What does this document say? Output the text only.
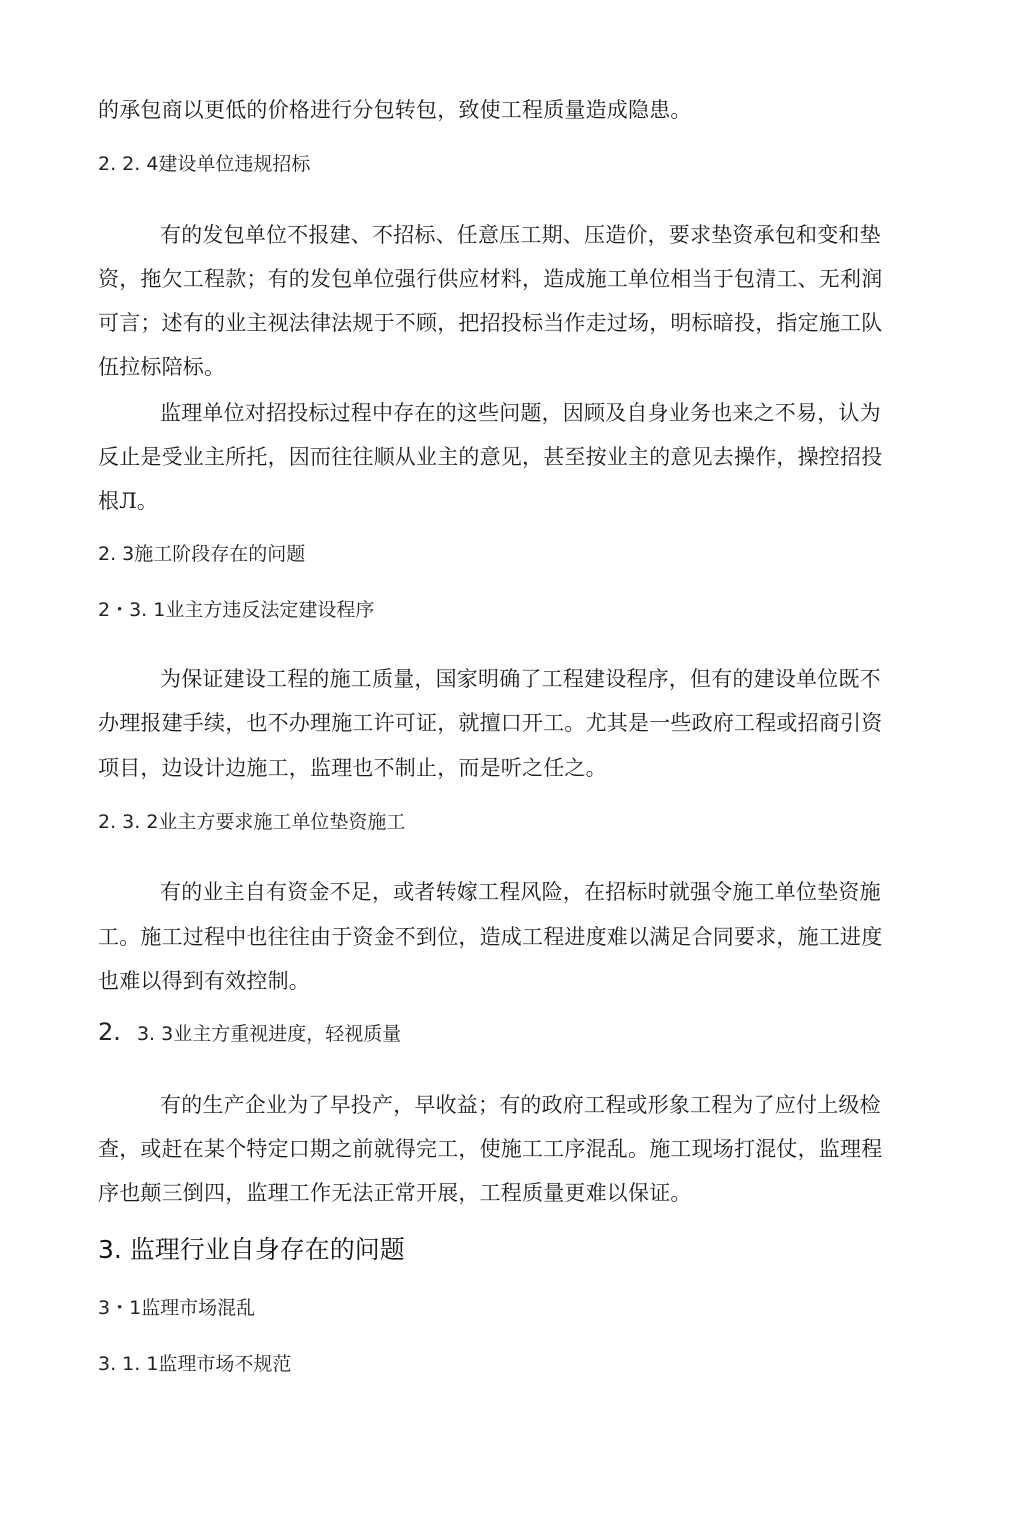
的承包商以更低的价格进行分包转包，致使工程质量造成隐患。
2. 2. 4建设单位违规招标
有的发包单位不报建、不招标、任意压工期、压造价，要求垫资承包和变和垫
资，拖欠工程款；有的发包单位强行供应材料，造成施工单位相当于包清工、无利润
可言；述有的业主视法律法规于不顾，把招投标当作走过场，明标暗投，指定施工队
伍拉标陪标。
监理单位对招投标过程中存在的这些问题，因顾及自身业务也来之不易，认为
反止是受业主所托，因而往往顺从业主的意见，甚至按业主的意见去操作，操控招投
根Л。
2. 3施工阶段存在的问题
2・3. 1业主方违反法定建设程序
为保证建设工程的施工质量，国家明确了工程建设程序，但有的建设单位既不
办理报建手续，也不办理施工许可证，就擅口开工。尤其是一些政府工程或招商引资
项目，边设计边施工，监理也不制止，而是听之任之。
2. 3. 2业主方要求施工单位垫资施工
有的业主自有资金不足，或者转嫁工程风险，在招标时就强令施工单位垫资施
工。施工过程中也往往由于资金不到位，造成工程进度难以满足合同要求，施工进度
也难以得到有效控制。
2. 3. 3业主方重视进度，轻视质量
有的生产企业为了早投产，早收益；有的政府工程或形象工程为了应付上级检
查，或赶在某个特定口期之前就得完工，使施工工序混乱。施工现场打混仗，监理程
序也颠三倒四，监理工作无法正常开展，工程质量更难以保证。
3. 监理行业自身存在的问题
3・1监理市场混乱
3. 1. 1监理市场不规范
